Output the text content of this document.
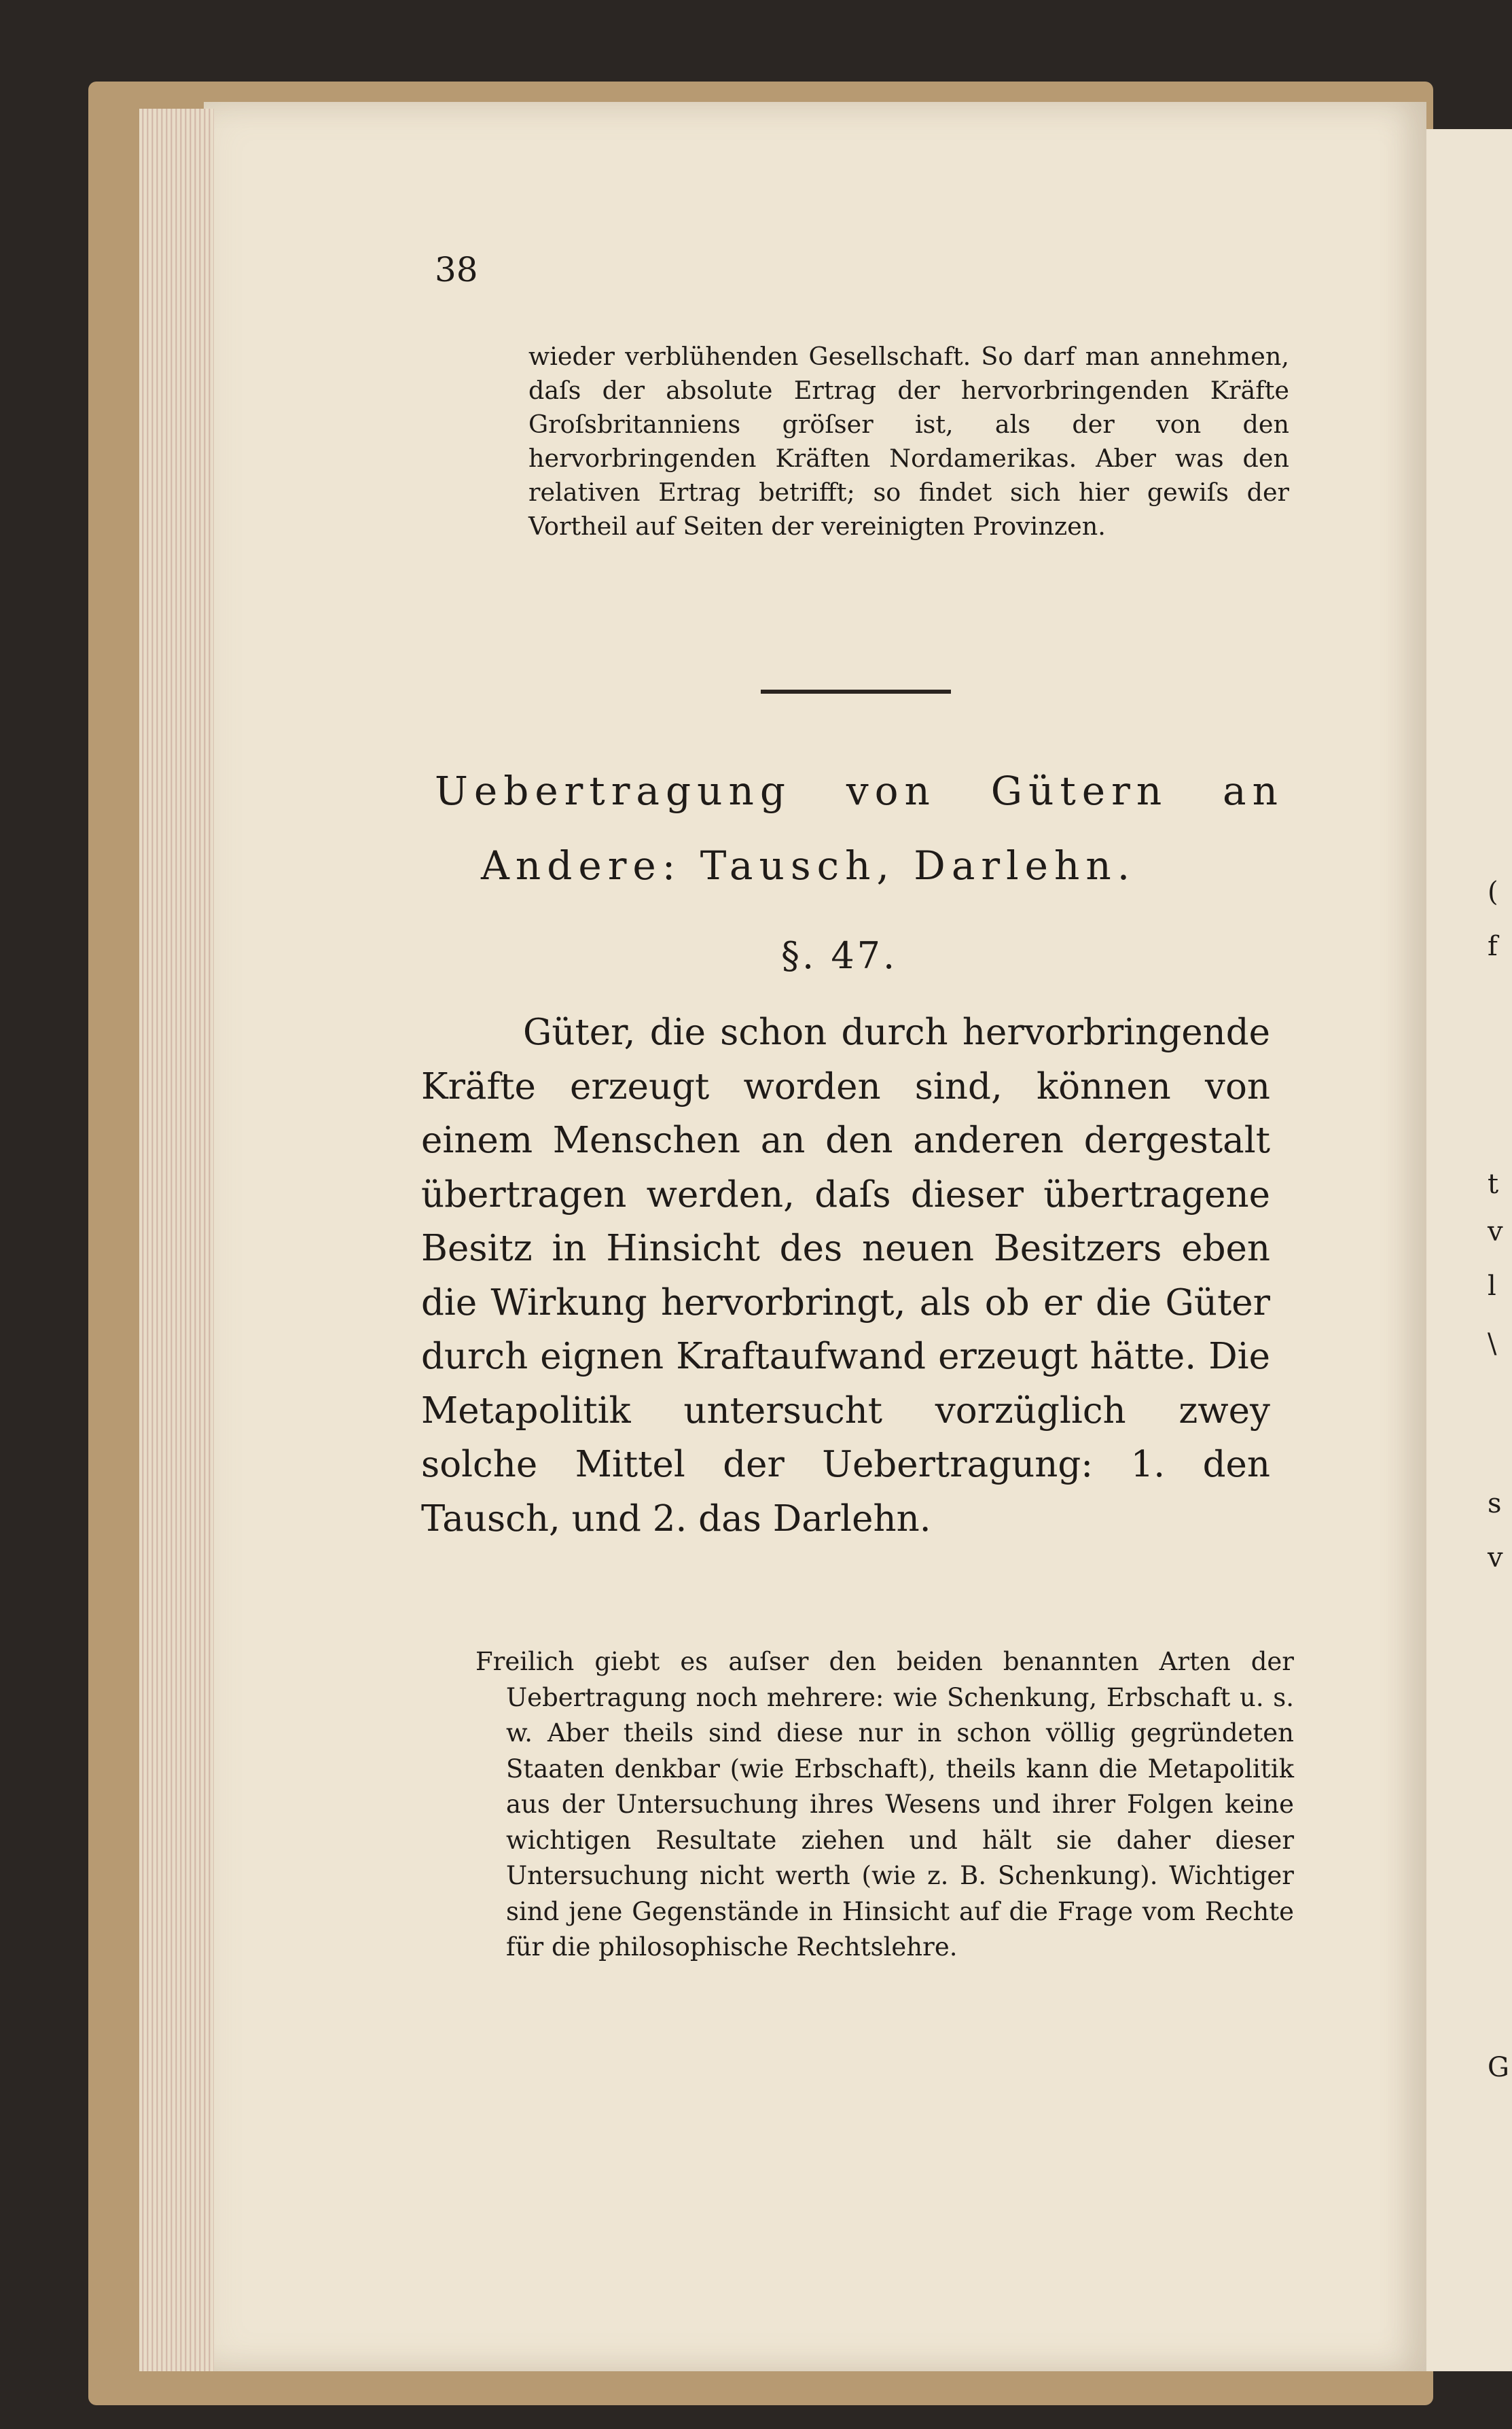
(
f
t
v
l
\
s
v
G

38

wieder verblühenden Gesellschaft. So darf man annehmen, daſs der absolute Ertrag der hervorbringenden Kräfte Groſsbritanniens gröſser ist, als der von den hervorbringenden Kräften Nordamerikas. Aber was den relativen Ertrag betrifft; so findet sich hier gewiſs der Vortheil auf Seiten der vereinigten Provinzen.

Uebertragung von Gütern an
Andere: Tausch, Darlehn.

§. 47.

Güter, die schon durch hervorbringende Kräfte erzeugt worden sind, können von einem Menschen an den anderen dergestalt übertragen werden, daſs dieser übertragene Besitz in Hinsicht des neuen Besitzers eben die Wirkung hervorbringt, als ob er die Güter durch eignen Kraftaufwand erzeugt hätte. Die Metapolitik untersucht vorzüglich zwey solche Mittel der Uebertragung: 1. den Tausch, und 2. das Darlehn.

Freilich giebt es auſser den beiden benannten Arten der Uebertragung noch mehrere: wie Schenkung, Erbschaft u. s. w. Aber theils sind diese nur in schon völlig gegründeten Staaten denkbar (wie Erbschaft), theils kann die Metapolitik aus der Untersuchung ihres Wesens und ihrer Folgen keine wichtigen Resultate ziehen und hält sie daher dieser Untersuchung nicht werth (wie z. B. Schenkung). Wichtiger sind jene Gegenstände in Hinsicht auf die Frage vom Rechte für die philosophische Rechtslehre.
